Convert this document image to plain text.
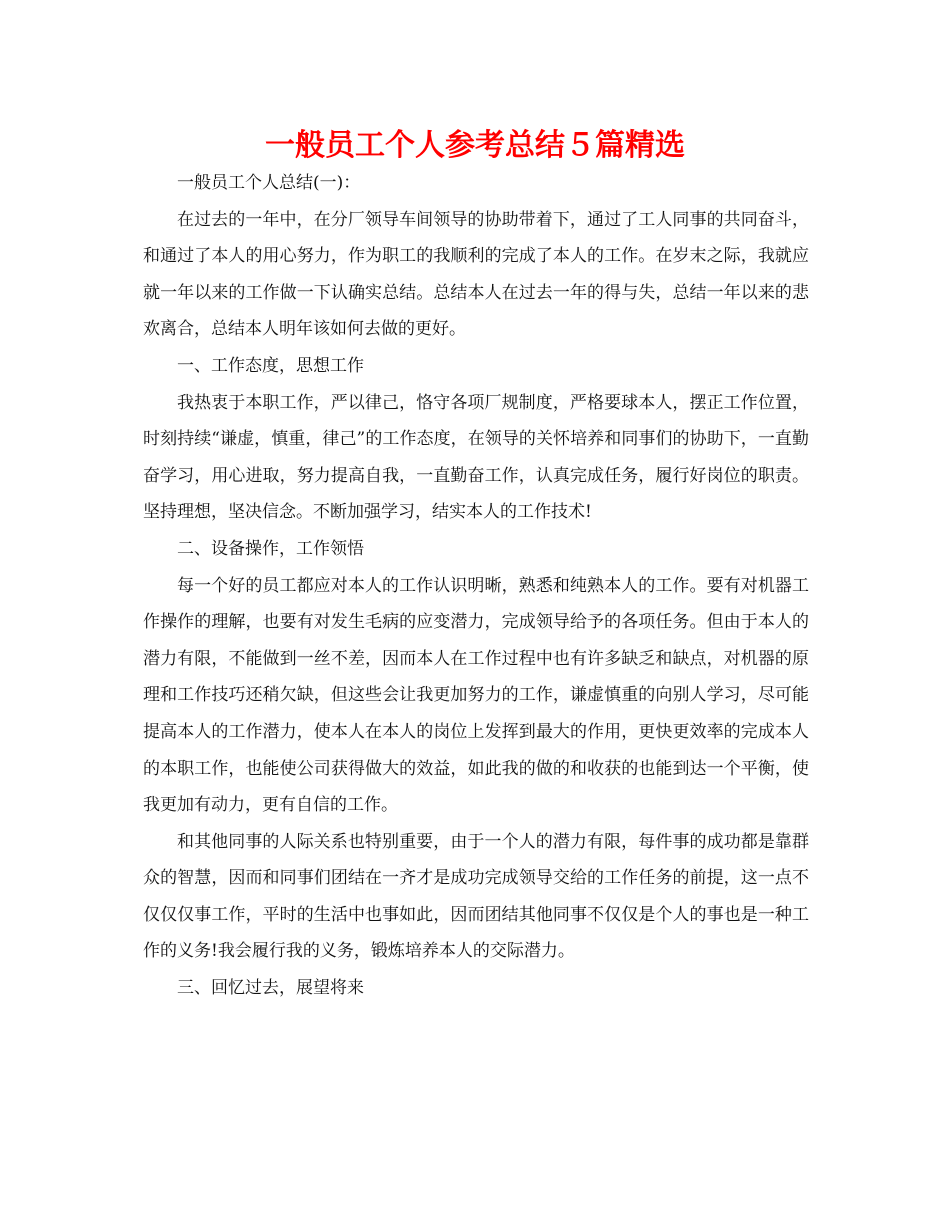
一般员工个人参考总结５篇精选

一般员工个人总结(一)：

在过去的一年中，在分厂领导车间领导的协助带着下，通过了工人同事的共同奋斗，和通过了本人的用心努力，作为职工的我顺利的完成了本人的工作。在岁末之际，我就应就一年以来的工作做一下认确实总结。总结本人在过去一年的得与失，总结一年以来的悲欢离合，总结本人明年该如何去做的更好。

一、工作态度，思想工作

我热衷于本职工作，严以律己，恪守各项厂规制度，严格要球本人，摆正工作位置，时刻持续“谦虚，慎重，律己”的工作态度，在领导的关怀培养和同事们的协助下，一直勤奋学习，用心进取，努力提高自我，一直勤奋工作，认真完成任务，履行好岗位的职责。坚持理想，坚决信念。不断加强学习，结实本人的工作技术!

二、设备操作，工作领悟

每一个好的员工都应对本人的工作认识明晰，熟悉和纯熟本人的工作。要有对机器工作操作的理解，也要有对发生毛病的应变潜力，完成领导给予的各项任务。但由于本人的潜力有限，不能做到一丝不差，因而本人在工作过程中也有许多缺乏和缺点，对机器的原理和工作技巧还稍欠缺，但这些会让我更加努力的工作，谦虚慎重的向别人学习，尽可能提高本人的工作潜力，使本人在本人的岗位上发挥到最大的作用，更快更效率的完成本人的本职工作，也能使公司获得做大的效益，如此我的做的和收获的也能到达一个平衡，使我更加有动力，更有自信的工作。

和其他同事的人际关系也特别重要，由于一个人的潜力有限，每件事的成功都是靠群众的智慧，因而和同事们团结在一齐才是成功完成领导交给的工作任务的前提，这一点不仅仅仅事工作，平时的生活中也事如此，因而团结其他同事不仅仅是个人的事也是一种工作的义务!我会履行我的义务，锻炼培养本人的交际潜力。

三、回忆过去，展望将来
